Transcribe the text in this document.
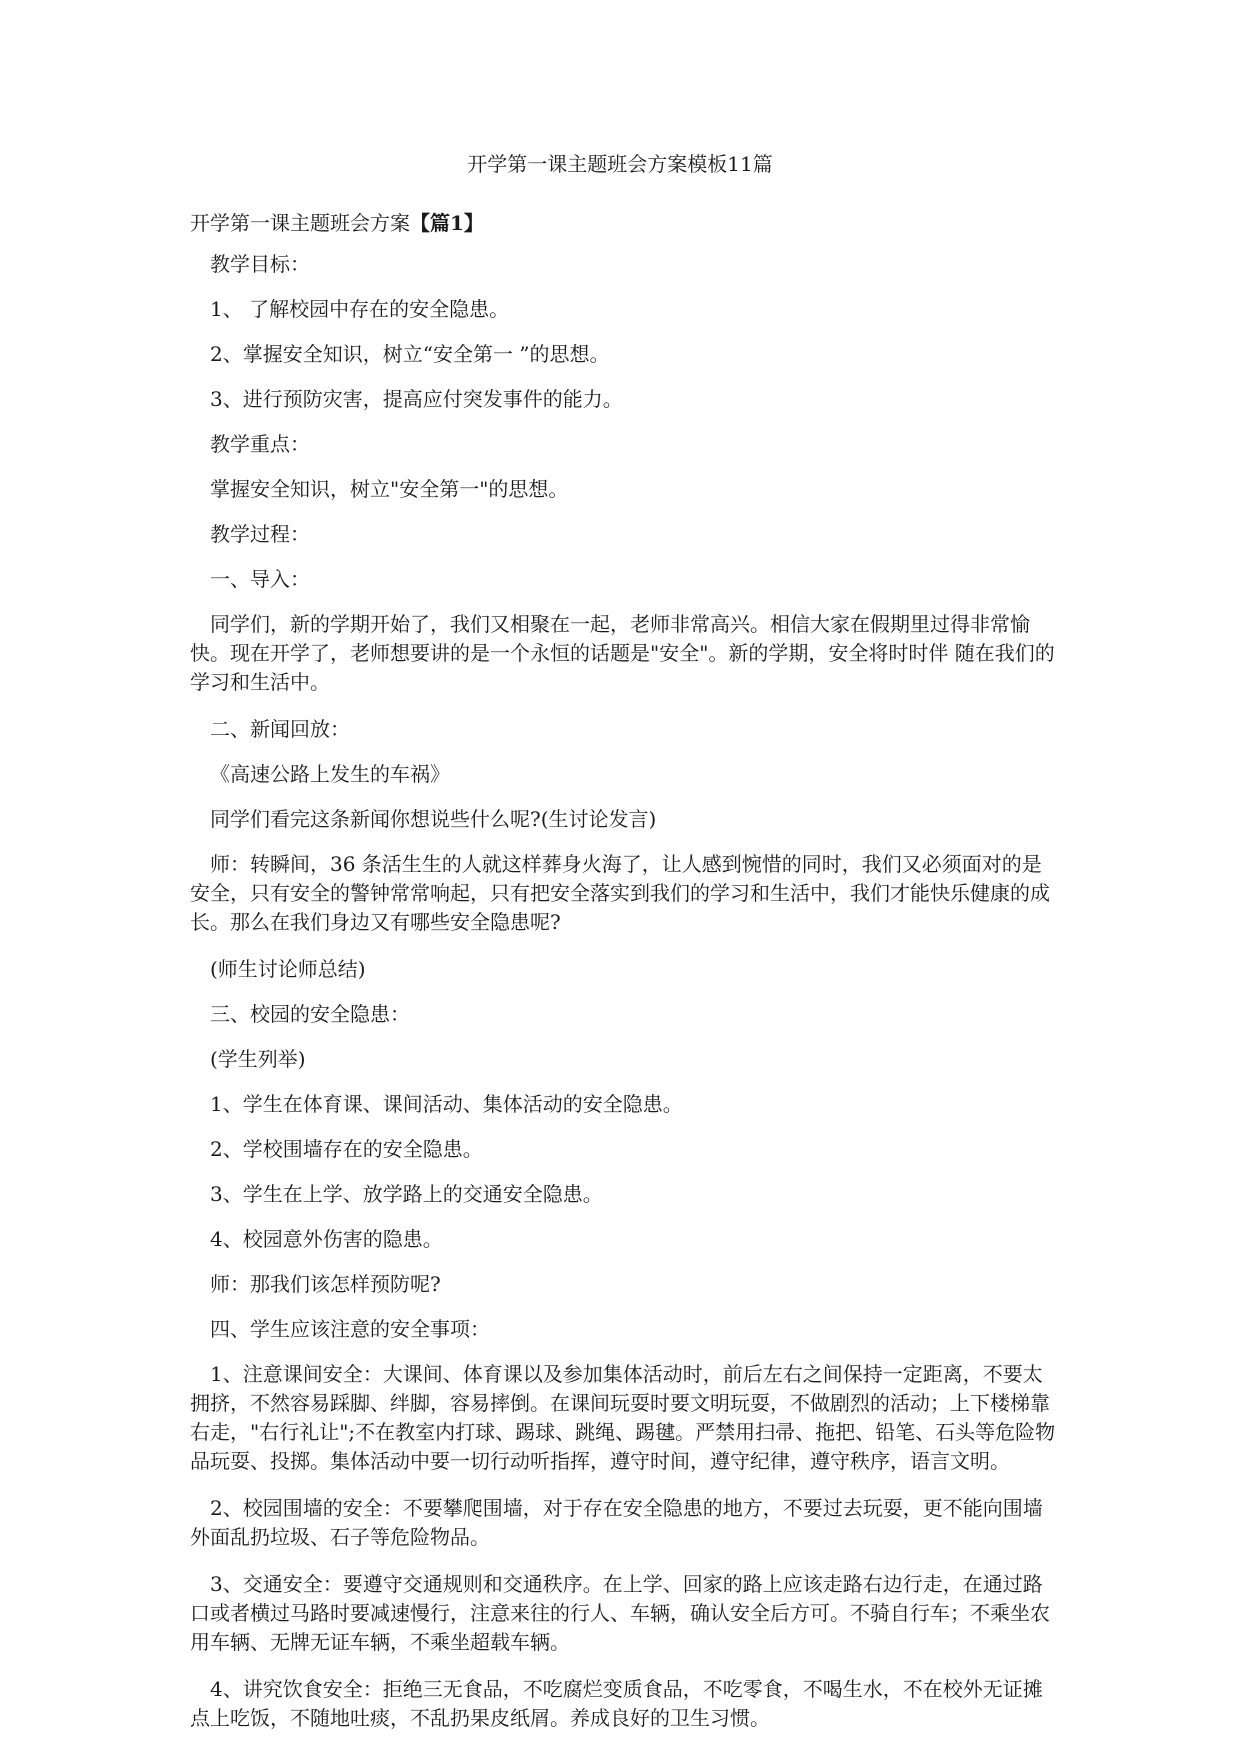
开学第一课主题班会方案模板11篇
开学第一课主题班会方案【篇1】

教学目标：

1、 了解校园中存在的安全隐患。

2、掌握安全知识，树立“安全第一 ”的思想。

3、进行预防灾害，提高应付突发事件的能力。

教学重点：

掌握安全知识，树立"安全第一"的思想。

教学过程：

一、导入：

同学们，新的学期开始了，我们又相聚在一起，老师非常高兴。相信大家在假期里过得非常愉快。现在开学了，老师想要讲的是一个永恒的话题是"安全"。新的学期，安全将时时伴 随在我们的学习和生活中。

二、新闻回放：

《高速公路上发生的车祸》

同学们看完这条新闻你想说些什么呢?(生讨论发言)

师：转瞬间，36 条活生生的人就这样葬身火海了，让人感到惋惜的同时，我们又必须面对的是安全，只有安全的警钟常常响起，只有把安全落实到我们的学习和生活中，我们才能快乐健康的成长。那么在我们身边又有哪些安全隐患呢?

(师生讨论师总结)

三、校园的安全隐患：

(学生列举)

1、学生在体育课、课间活动、集体活动的安全隐患。

2、学校围墙存在的安全隐患。

3、学生在上学、放学路上的交通安全隐患。

4、校园意外伤害的隐患。

师：那我们该怎样预防呢?

四、学生应该注意的安全事项：

1、注意课间安全：大课间、体育课以及参加集体活动时，前后左右之间保持一定距离，不要太拥挤，不然容易踩脚、绊脚，容易摔倒。在课间玩耍时要文明玩耍，不做剧烈的活动；上下楼梯靠右走，"右行礼让";不在教室内打球、踢球、跳绳、踢毽。严禁用扫帚、拖把、铅笔、石头等危险物品玩耍、投掷。集体活动中要一切行动听指挥，遵守时间，遵守纪律，遵守秩序，语言文明。

2、校园围墙的安全：不要攀爬围墙，对于存在安全隐患的地方，不要过去玩耍，更不能向围墙外面乱扔垃圾、石子等危险物品。

3、交通安全：要遵守交通规则和交通秩序。在上学、回家的路上应该走路右边行走，在通过路口或者横过马路时要减速慢行，注意来往的行人、车辆，确认安全后方可。不骑自行车；不乘坐农用车辆、无牌无证车辆，不乘坐超载车辆。

4、讲究饮食安全：拒绝三无食品，不吃腐烂变质食品，不吃零食，不喝生水，不在校外无证摊点上吃饭，不随地吐痰，不乱扔果皮纸屑。养成良好的卫生习惯。
